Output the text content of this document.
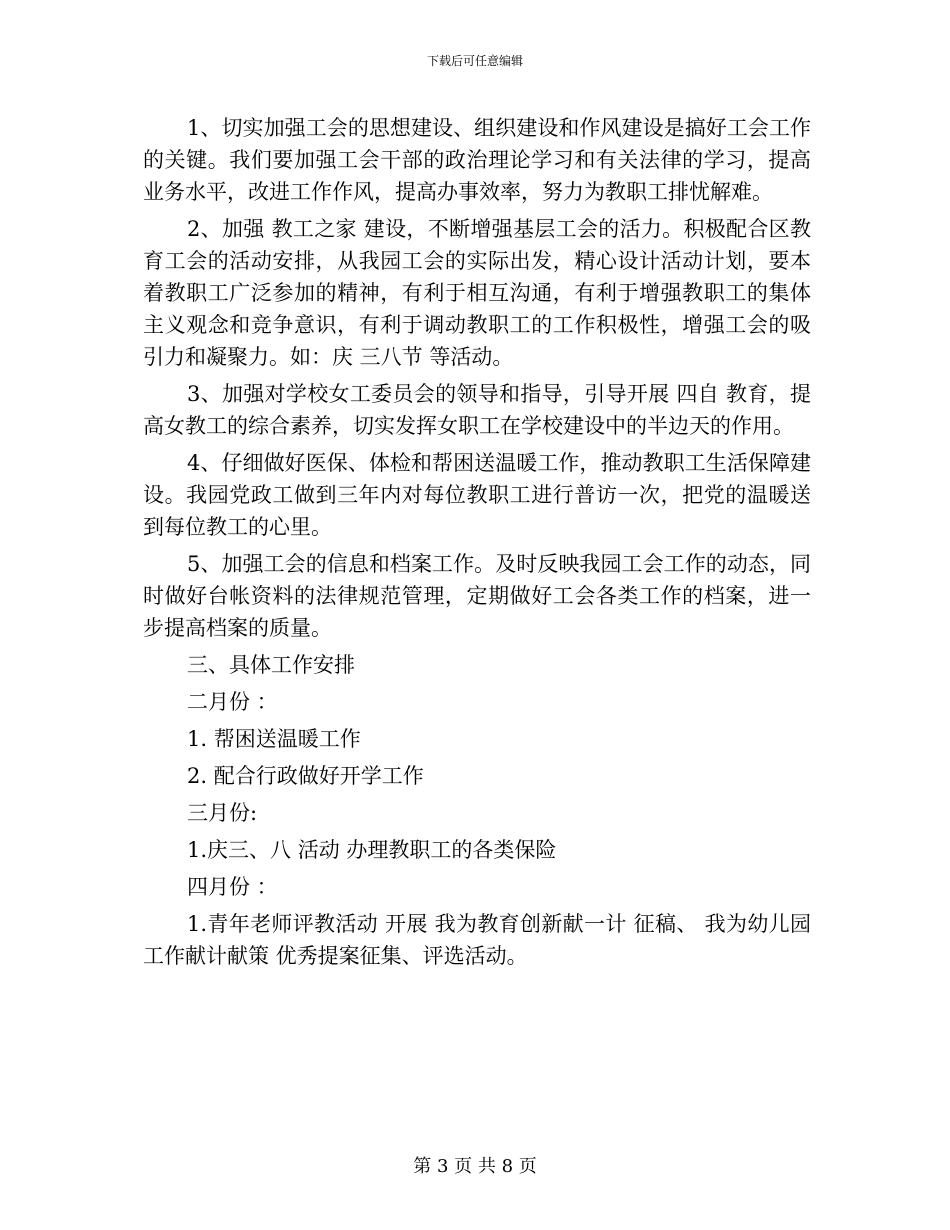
下载后可任意编辑

1、切实加强工会的思想建设、组织建设和作风建设是搞好工会工作的关键。我们要加强工会干部的政治理论学习和有关法律的学习，提高业务水平，改进工作作风，提高办事效率，努力为教职工排忧解难。

2、加强 教工之家 建设，不断增强基层工会的活力。积极配合区教育工会的活动安排，从我园工会的实际出发，精心设计活动计划，要本着教职工广泛参加的精神，有利于相互沟通，有利于增强教职工的集体主义观念和竞争意识，有利于调动教职工的工作积极性，增强工会的吸引力和凝聚力。如：庆 三八节 等活动。

3、加强对学校女工委员会的领导和指导，引导开展 四自 教育，提高女教工的综合素养，切实发挥女职工在学校建设中的半边天的作用。

4、仔细做好医保、体检和帮困送温暖工作，推动教职工生活保障建设。我园党政工做到三年内对每位教职工进行普访一次，把党的温暖送到每位教工的心里。

5、加强工会的信息和档案工作。及时反映我园工会工作的动态，同时做好台帐资料的法律规范管理，定期做好工会各类工作的档案，进一步提高档案的质量。

三、具体工作安排

二月份 ：

1. 帮困送温暖工作

2. 配合行政做好开学工作

三月份:

1.庆三、八 活动 办理教职工的各类保险

四月份 ：

1.青年老师评教活动 开展 我为教育创新献一计 征稿、 我为幼儿园工作献计献策 优秀提案征集、评选活动。

第 3 页 共 8 页
